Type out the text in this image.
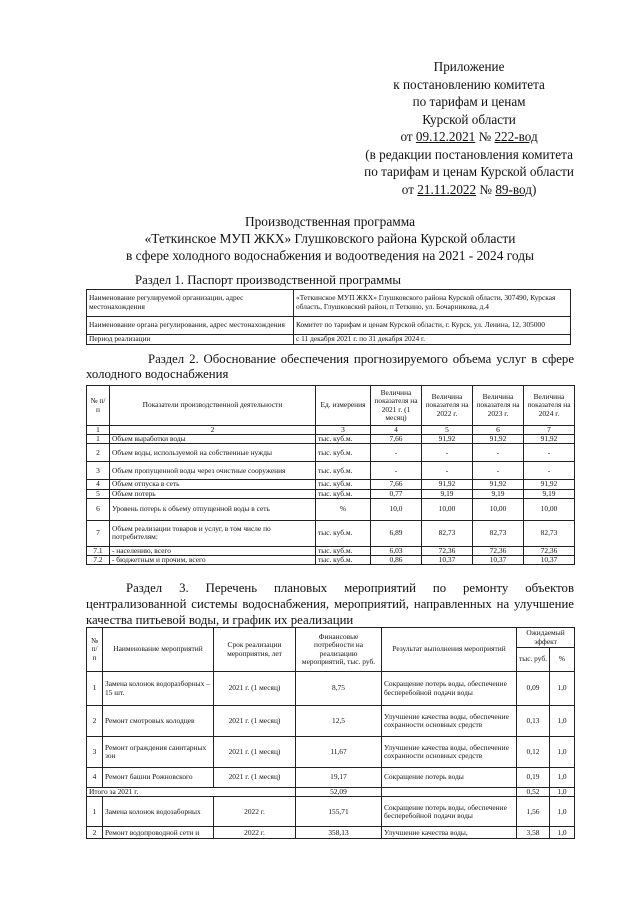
Приложение
к постановлению комитета
по тарифам и ценам
Курской области
от 09.12.2021 № 222-вод
(в редакции постановления комитета
по тарифам и ценам Курской области
от 21.11.2022 № 89-вод)
Производственная программа
«Теткинское МУП ЖКХ» Глушковского района Курской области
в сфере холодного водоснабжения и водоотведения на 2021 - 2024 годы
Раздел 1. Паспорт производственной программы
Наименование регулируемой организации, адрес местонахождения	«Теткинское МУП ЖКХ» Глушковского района Курской области, 307490, Курская область, Глушковский район, п Теткино, ул. Бочарникова, д.4
Наименование органа регулирования, адрес местонахождения	Комитет по тарифам и ценам Курской области, г. Курск, ул. Ленина, 12, 305000
Период реализации	с 11 декабря 2021 г. по 31 декабря 2024 г.
Раздел 2. Обоснование обеспечения прогнозируемого объема услуг в сфере холодного водоснабжения
№ п/п	Показатели производственной деятельности	Ед. измерения	Величина показателя на 2021 г. (1 месяц)	Величина показателя на 2022 г.	Величина показателя на 2023 г.	Величина показателя на 2024 г.
1	2	3	4	5	6	7
1	Объем выработки воды	тыс. куб.м.	7,66	91,92	91,92	91,92
2	Объем воды, используемой на собственные нужды	тыс. куб.м.	-	-	-	-
3	Объем пропущенной воды через очистные сооружения	тыс. куб.м.	-	-	-	-
4	Объем отпуска в сеть	тыс. куб.м.	7,66	91,92	91,92	91,92
5	Объем потерь	тыс. куб.м.	0,77	9,19	9,19	9,19
6	Уровень потерь к объему отпущенной воды в сеть	%	10,0	10,00	10,00	10,00
7	Объем реализации товаров и услуг, в том числе по потребителям:	тыс. куб.м.	6,89	82,73	82,73	82,73
7.1	- населению, всего	тыс. куб.м.	6,03	72,36	72,36	72,36
7.2	- бюджетным и прочим, всего	тыс. куб.м.	0,86	10,37	10,37	10,37
Раздел 3. Перечень плановых мероприятий по ремонту объектов централизованной системы водоснабжения, мероприятий, направленных на улучшение качества питьевой воды, и график их реализации
№ п/ п	Наименование мероприятий	Срок реализации мероприятия, лет	Финансовые потребности на реализацию мероприятий, тыс. руб.	Результат выполнения мероприятий	Ожидаемый эффект	
					тыс. руб.	%
1	Замена колонок водоразборных – 15 шт.	2021 г. (1 месяц)	8,75	Сокращение потерь воды, обеспечение бесперебойной подачи воды	0,09	1,0
2	Ремонт смотровых колодцев	2021 г. (1 месяц)	12,5	Улучшение качества воды, обеспечение сохранности основных средств	0,13	1,0
3	Ремонт ограждения санитарных зон	2021 г. (1 месяц)	11,67	Улучшение качества воды, обеспечение сохранности основных средств	0,12	1,0
4	Ремонт башни Рожновского	2021 г. (1 месяц)	19,17	Сокращение потерь воды	0,19	1,0
Итого за 2021 г.			52,09		0,52	1,0
1	Замена колонок водозаборных	2022 г.	155,71	Сокращение потерь воды, обеспечение бесперебойной подачи воды	1,56	1,0
2	Ремонт водопроводной сети и	2022 г.	358,13	Улучшение качества воды,	3,58	1,0
